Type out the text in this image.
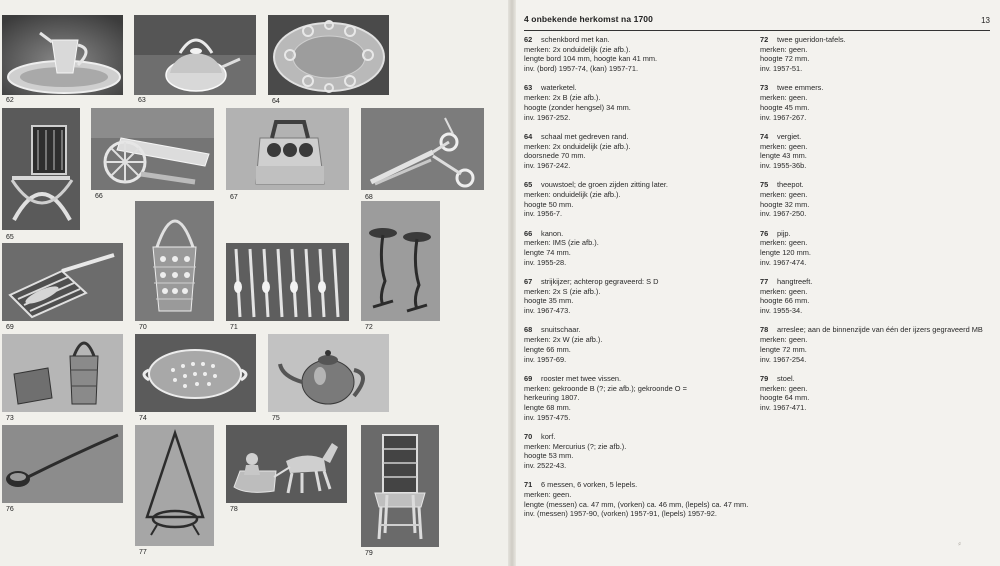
62	63	64
65
66	67	68
69	70	71	72
73	74	75
76
77
78
79
4 onbekende herkomst na 1700	13
62 schenkbord met kan.
merken: 2x onduidelijk (zie afb.).
lengte bord 104 mm, hoogte kan 41 mm.
inv. (bord) 1957-74, (kan) 1957-71.
63 waterketel.
merken: 2x B (zie afb.).
hoogte (zonder hengsel) 34 mm.
inv. 1967-252.
64 schaal met gedreven rand.
merken: 2x onduidelijk (zie afb.).
doorsnede 70 mm.
inv. 1967-242.
65 vouwstoel; de groen zijden zitting later.
merken: onduidelijk (zie afb.).
hoogte 50 mm.
inv. 1956-7.
66 kanon.
merken: IMS (zie afb.).
lengte 74 mm.
inv. 1955-28.
67 strijkijzer; achterop gegraveerd: S D
merken: 2x S (zie afb.).
hoogte 35 mm.
inv. 1967-473.
68 snuitschaar.
merken: 2x W (zie afb.).
lengte 66 mm.
inv. 1957-69.
69 rooster met twee vissen.
merken: gekroonde B (?; zie afb.); gekroonde O =
herkeuring 1807.
lengte 68 mm.
inv. 1957-475.
70 korf.
merken: Mercurius (?; zie afb.).
hoogte 53 mm.
inv. 2522-43.
71 6 messen, 6 vorken, 5 lepels.
merken: geen.
lengte (messen) ca. 47 mm, (vorken) ca. 46 mm, (lepels) ca. 47 mm.
inv. (messen) 1957-90, (vorken) 1957-91, (lepels) 1957-92.
72 twee gueridon-tafels.
merken: geen.
hoogte 72 mm.
inv. 1957-51.
73 twee emmers.
merken: geen.
hoogte 45 mm.
inv. 1967-267.
74 vergiet.
merken: geen.
lengte 43 mm.
inv. 1955-36b.
75 theepot.
merken: geen.
hoogte 32 mm.
inv. 1967-250.
76 pijp.
merken: geen.
lengte 120 mm.
inv. 1967-474.
77 hangtreeft.
merken: geen.
hoogte 66 mm.
inv. 1955-34.
78 arreslee; aan de binnenzijde van één der ijzers gegraveerd MB
merken: geen.
lengte 72 mm.
inv. 1967-254.
79 stoel.
merken: geen.
hoogte 64 mm.
inv. 1967-471.
⸗
